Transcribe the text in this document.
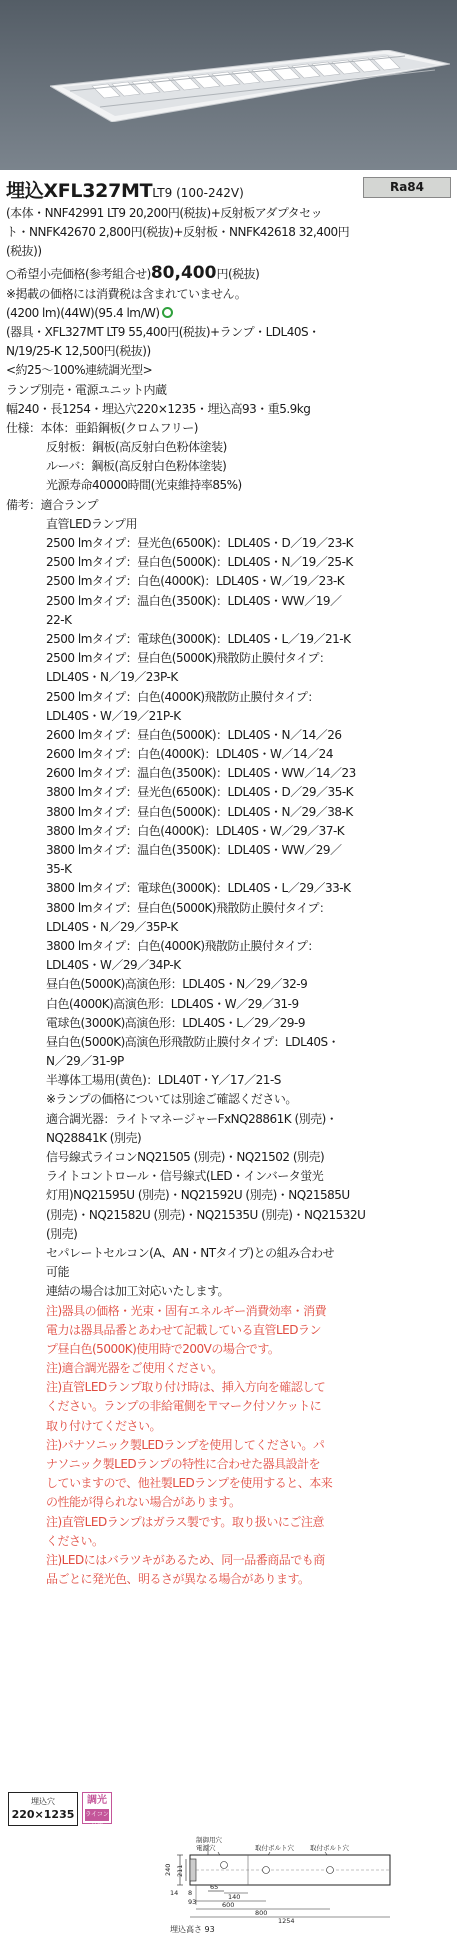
埋込XFL327MTLT9 (100-242V)	Ra84
(本体・NNF42991 LT9 20,200円(税抜)+反射板アダプタセッ
ト・NNFK42670 2,800円(税抜)+反射板・NNFK42618 32,400円
(税抜))
○希望小売価格(参考組合せ)80,400円(税抜)
※掲載の価格には消費税は含まれていません。
(4200 lm)(44W)(95.4 lm/W)
(器具・XFL327MT LT9 55,400円(税抜)+ランプ・LDL40S・
N/19/25-K 12,500円(税抜))
<約25～100%連続調光型>
ランプ別売・電源ユニット内蔵
幅240・長1254・埋込穴220×1235・埋込高93・重5.9kg
仕様：本体：亜鉛鋼板(クロムフリー)
反射板：鋼板(高反射白色粉体塗装)
ルーバ：鋼板(高反射白色粉体塗装)
光源寿命40000時間(光束維持率85%)
備考：適合ランプ
直管LEDランプ用
2500 lmタイプ：昼光色(6500K)：LDL40S・D／19／23-K
2500 lmタイプ：昼白色(5000K)：LDL40S・N／19／25-K
2500 lmタイプ：白色(4000K)：LDL40S・W／19／23-K
2500 lmタイプ：温白色(3500K)：LDL40S・WW／19／
22-K
2500 lmタイプ：電球色(3000K)：LDL40S・L／19／21-K
2500 lmタイプ：昼白色(5000K)飛散防止膜付タイプ：
LDL40S・N／19／23P-K
2500 lmタイプ：白色(4000K)飛散防止膜付タイプ：
LDL40S・W／19／21P-K
2600 lmタイプ：昼白色(5000K)：LDL40S・N／14／26
2600 lmタイプ：白色(4000K)：LDL40S・W／14／24
2600 lmタイプ：温白色(3500K)：LDL40S・WW／14／23
3800 lmタイプ：昼光色(6500K)：LDL40S・D／29／35-K
3800 lmタイプ：昼白色(5000K)：LDL40S・N／29／38-K
3800 lmタイプ：白色(4000K)：LDL40S・W／29／37-K
3800 lmタイプ：温白色(3500K)：LDL40S・WW／29／
35-K
3800 lmタイプ：電球色(3000K)：LDL40S・L／29／33-K
3800 lmタイプ：昼白色(5000K)飛散防止膜付タイプ：
LDL40S・N／29／35P-K
3800 lmタイプ：白色(4000K)飛散防止膜付タイプ：
LDL40S・W／29／34P-K
昼白色(5000K)高演色形：LDL40S・N／29／32-9
白色(4000K)高演色形：LDL40S・W／29／31-9
電球色(3000K)高演色形：LDL40S・L／29／29-9
昼白色(5000K)高演色形飛散防止膜付タイプ：LDL40S・
N／29／31-9P
半導体工場用(黄色)：LDL40T・Y／17／21-S
※ランプの価格については別途ご確認ください。
適合調光器：ライトマネージャーFxNQ28861K (別売)・
NQ28841K (別売)
信号線式ライコンNQ21505 (別売)・NQ21502 (別売)
ライトコントロール・信号線式(LED・インバータ蛍光
灯用)NQ21595U (別売)・NQ21592U (別売)・NQ21585U
(別売)・NQ21582U (別売)・NQ21535U (別売)・NQ21532U
(別売)
セパレートセルコン(A、AN・NTタイプ)との組み合わせ
可能
連結の場合は加工対応いたします。
注)器具の価格・光束・固有エネルギー消費効率・消費
電力は器具品番とあわせて記載している直管LEDラン
プ昼白色(5000K)使用時で200Vの場合です。
注)適合調光器をご使用ください。
注)直管LEDランプ取り付け時は、挿入方向を確認して
ください。ランプの非給電側を〒マーク付ソケットに
取り付けてください。
注)パナソニック製LEDランプを使用してください。パ
ナソニック製LEDランプの特性に合わせた器具設計を
していますので、他社製LEDランプを使用すると、本来
の性能が得られない場合があります。
注)直管LEDランプはガラス製です。取り扱いにご注意
ください。
注)LEDにはバラツキがあるため、同一品番商品でも商
品ごとに発光色、明るさが異なる場合があります。
埋込穴
220×1235
調光
ライコン対応
制御用穴
電源穴	取付ボルト穴 取付ボルト穴
240 211
14 8
93
65
140
600
800
1254
埋込高さ 93
